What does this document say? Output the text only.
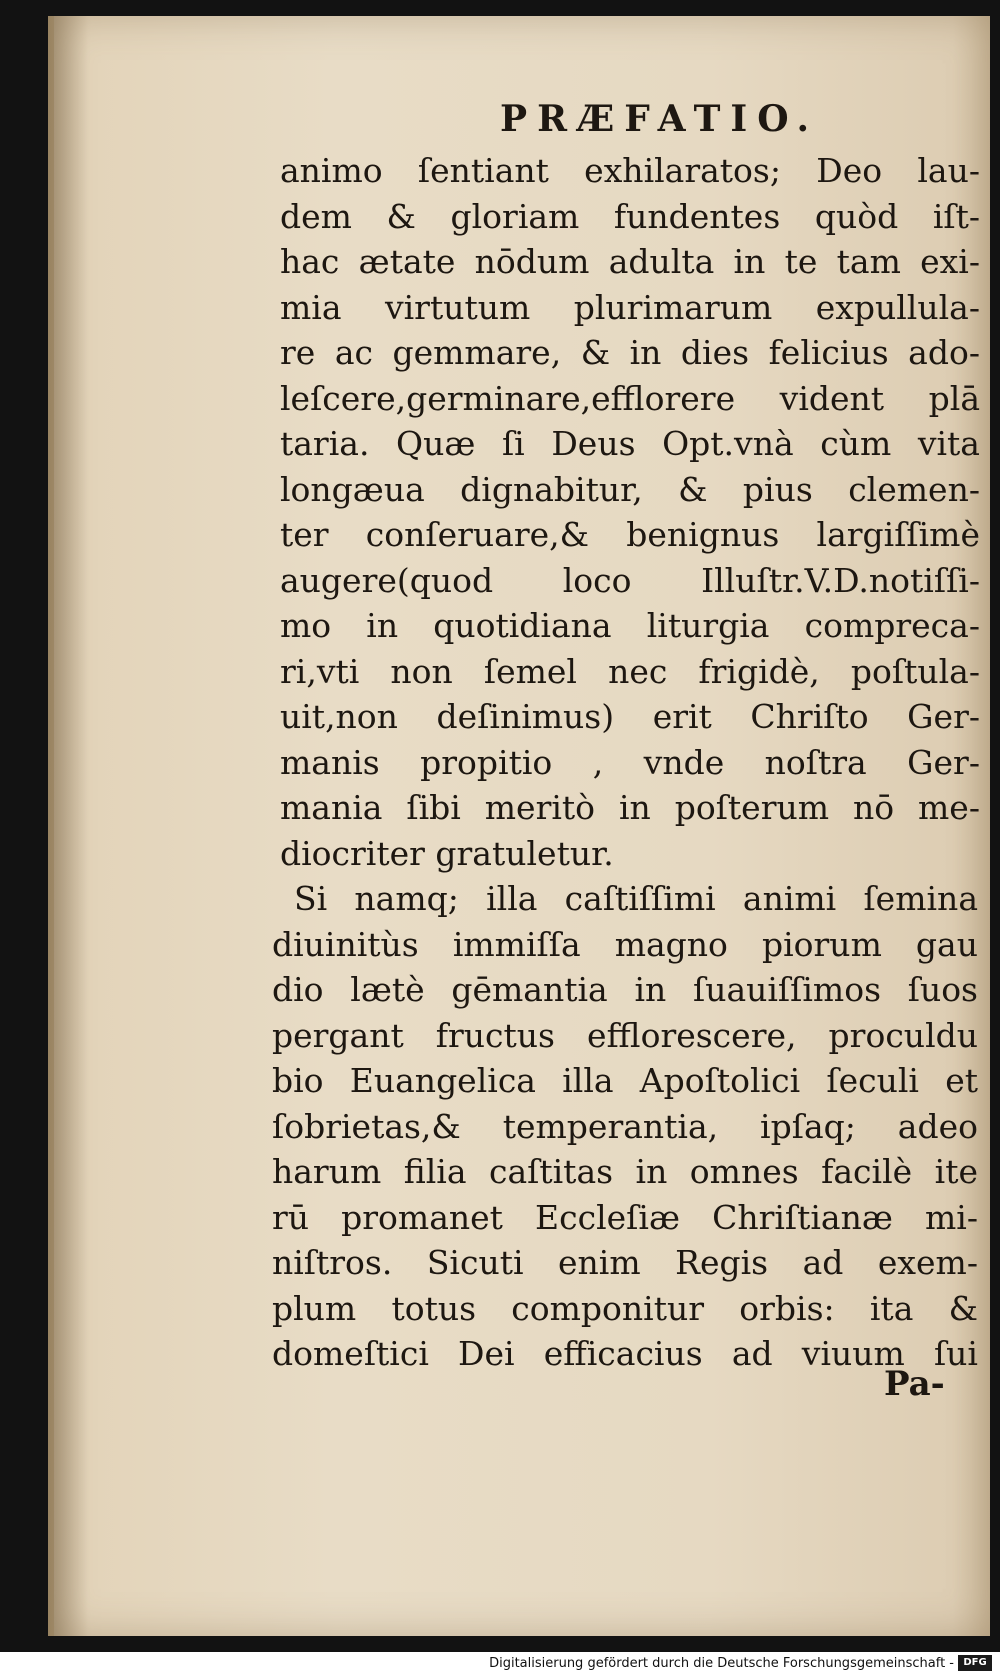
PRÆFATIO.
animo ſentiant exhilaratos; Deo lau-
dem & gloriam fundentes quòd iſt-
hac ætate nōdum adulta in te tam exi-
mia virtutum plurimarum expullula-
re ac gemmare, & in dies felicius ado-
leſcere,germinare,efflorere vident plā
taria. Quæ ſi Deus Opt.vnà cùm vita
longæua dignabitur, & pius clemen-
ter conſeruare,& benignus largiſſimè
augere(quod loco Illuſtr.V.D.notiſſi-
mo in quotidiana liturgia compreca-
ri,vti non ſemel nec frigidè, poſtula-
uit,non deſinimus) erit Chriſto Ger-
manis propitio , vnde noſtra Ger-
mania ſibi meritò in poſterum nō me-
diocriter gratuletur.
Si namq; illa caſtiſſimi animi ſemina
diuinitùs immiſſa magno piorum gau
dio lætè gēmantia in ſuauiſſimos ſuos
pergant fructus efflorescere, proculdu
bio Euangelica illa Apoſtolici ſeculi et
ſobrietas,& temperantia, ipſaq; adeo
harum filia caſtitas in omnes facilè ite
rū promanet Eccleſiæ Chriſtianæ mi-
niſtros. Sicuti enim Regis ad exem-
plum totus componitur orbis: ita &
domeſtici Dei efficacius ad viuum ſui
Pa-
Digitalisierung gefördert durch die Deutsche Forschungsgemeinschaft - DFG
